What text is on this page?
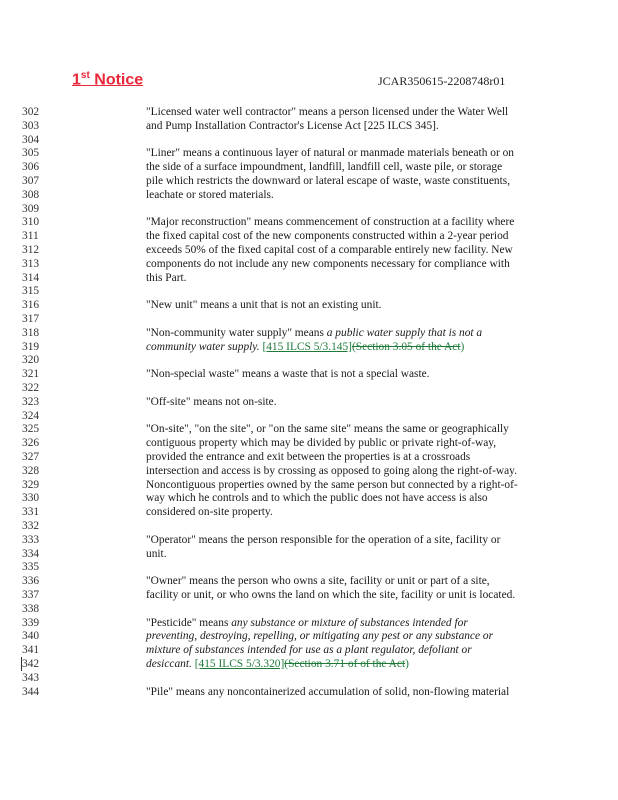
1st Notice	JCAR350615-2208748r01
302	"Licensed water well contractor" means a person licensed under the Water Well
303	and Pump Installation Contractor's License Act [225 ILCS 345].
304
305	"Liner" means a continuous layer of natural or manmade materials beneath or on
306	the side of a surface impoundment, landfill, landfill cell, waste pile, or storage
307	pile which restricts the downward or lateral escape of waste, waste constituents,
308	leachate or stored materials.
309
310	"Major reconstruction" means commencement of construction at a facility where
311	the fixed capital cost of the new components constructed within a 2-year period
312	exceeds 50% of the fixed capital cost of a comparable entirely new facility. New
313	components do not include any new components necessary for compliance with
314	this Part.
315
316	"New unit" means a unit that is not an existing unit.
317
318	"Non-community water supply" means a public water supply that is not a
319	community water supply. [415 ILCS 5/3.145](Section 3.05 of the Act)
320
321	"Non-special waste" means a waste that is not a special waste.
322
323	"Off-site" means not on-site.
324
325	"On-site", "on the site", or "on the same site" means the same or geographically
326	contiguous property which may be divided by public or private right-of-way,
327	provided the entrance and exit between the properties is at a crossroads
328	intersection and access is by crossing as opposed to going along the right-of-way.
329	Noncontiguous properties owned by the same person but connected by a right-of-
330	way which he controls and to which the public does not have access is also
331	considered on-site property.
332
333	"Operator" means the person responsible for the operation of a site, facility or
334	unit.
335
336	"Owner" means the person who owns a site, facility or unit or part of a site,
337	facility or unit, or who owns the land on which the site, facility or unit is located.
338
339	"Pesticide" means any substance or mixture of substances intended for
340	preventing, destroying, repelling, or mitigating any pest or any substance or
341	mixture of substances intended for use as a plant regulator, defoliant or
342	desiccant. [415 ILCS 5/3.320](Section 3.71 of of the Act)
343
344	"Pile" means any noncontainerized accumulation of solid, non-flowing material
